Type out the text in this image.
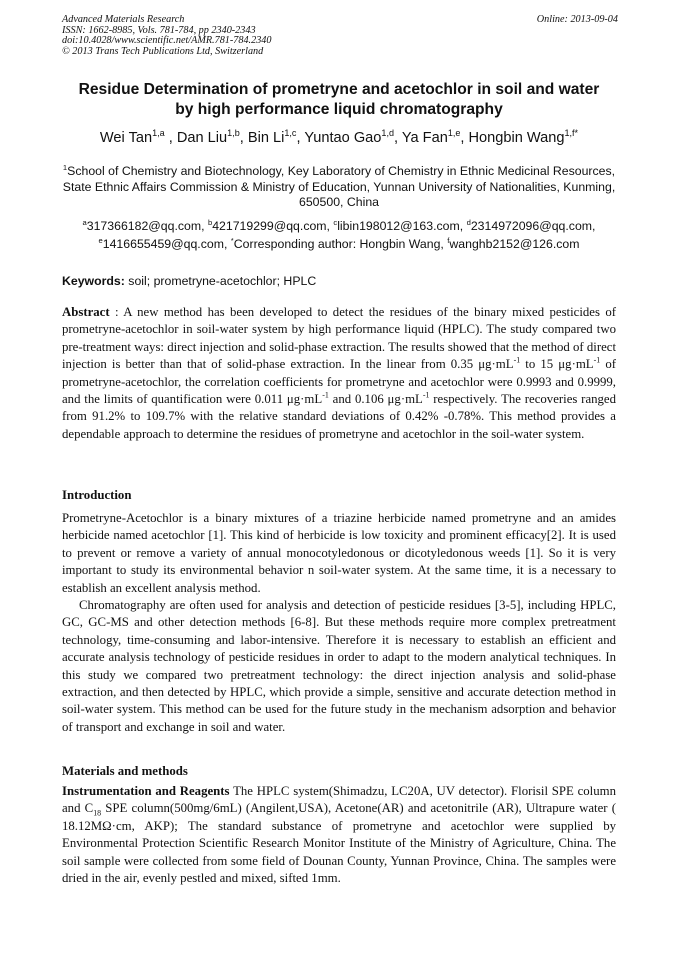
Advanced Materials Research
ISSN: 1662-8985, Vols. 781-784, pp 2340-2343
doi:10.4028/www.scientific.net/AMR.781-784.2340
© 2013 Trans Tech Publications Ltd, Switzerland
Online: 2013-09-04
Residue Determination of prometryne and acetochlor in soil and water
by high performance liquid chromatography
Wei Tan$^{1,a}$ , Dan Liu$^{1,b}$, Bin Li$^{1,c}$, Yuntao Gao$^{1,d}$, Ya Fan$^{1,e}$, Hongbin Wang$^{1,f*}$
$^1$School of Chemistry and Biotechnology, Key Laboratory of Chemistry in Ethnic Medicinal Resources, State Ethnic Affairs Commission & Ministry of Education, Yunnan University of Nationalities, Kunming, 650500, China
$^a$317366182@qq.com, $^b$421719299@qq.com, $^c$libin198012@163.com, $^d$2314972096@qq.com,
$^e$1416655459@qq.com, *Corresponding author: Hongbin Wang, $^f$wanghb2152@126.com
Keywords: soil; prometryne-acetochlor; HPLC

Abstract : A new method has been developed to detect the residues of the binary mixed pesticides of prometryne-acetochlor in soil-water system by high performance liquid (HPLC). The study compared two pre-treatment ways: direct injection and solid-phase extraction. The results showed that the method of direct injection is better than that of solid-phase extraction. In the linear from 0.35 $\mu g\cdot mL^{-1}$ to 15 $\mu g\cdot mL^{-1}$ of prometryne-acetochlor, the correlation coefficients for prometryne and acetochlor were 0.9993 and 0.9999, and the limits of quantification were 0.011 $\mu g\cdot mL^{-1}$ and 0.106 $\mu g\cdot mL^{-1}$ respectively. The recoveries ranged from 91.2% to 109.7% with the relative standard deviations of 0.42% -0.78%. This method provides a dependable approach to determine the residues of prometryne and acetochlor in the soil-water system.

Introduction

Prometryne-Acetochlor is a binary mixtures of a triazine herbicide named prometryne and an amides herbicide named acetochlor [1]. This kind of herbicide is low toxicity and prominent efficacy[2]. It is used to prevent or remove a variety of annual monocotyledonous or dicotyledonous weeds [1]. So it is very important to study its environmental behavior n soil-water system. At the same time, it is a necessary to establish an excellent analysis method.

Chromatography are often used for analysis and detection of pesticide residues [3-5], including HPLC, GC, GC-MS and other detection methods [6-8]. But these methods require more complex pretreatment technology, time-consuming and labor-intensive. Therefore it is necessary to establish an efficient and accurate analysis technology of pesticide residues in order to adapt to the modern analytical techniques. In this study we compared two pretreatment technology: the direct injection analysis and solid-phase extraction, and then detected by HPLC, which provide a simple, sensitive and accurate detection method in soil-water system. This method can be used for the future study in the mechanism adsorption and behavior of transport and exchange in soil and water.

Materials and methods

Instrumentation and Reagents The HPLC system(Shimadzu, LC20A, UV detector). Florisil SPE column and $C_{18}$ SPE column(500mg/6mL) (Angilent,USA), Acetone(AR) and acetonitrile (AR), Ultrapure water ( 18.12MΩ·cm, AKP); The standard substance of prometryne and acetochlor were supplied by Environmental Protection Scientific Research Monitor Institute of the Ministry of Agriculture, China. The soil sample were collected from some field of Dounan County, Yunnan Province, China. The samples were dried in the air, evenly pestled and mixed, sifted 1mm.
